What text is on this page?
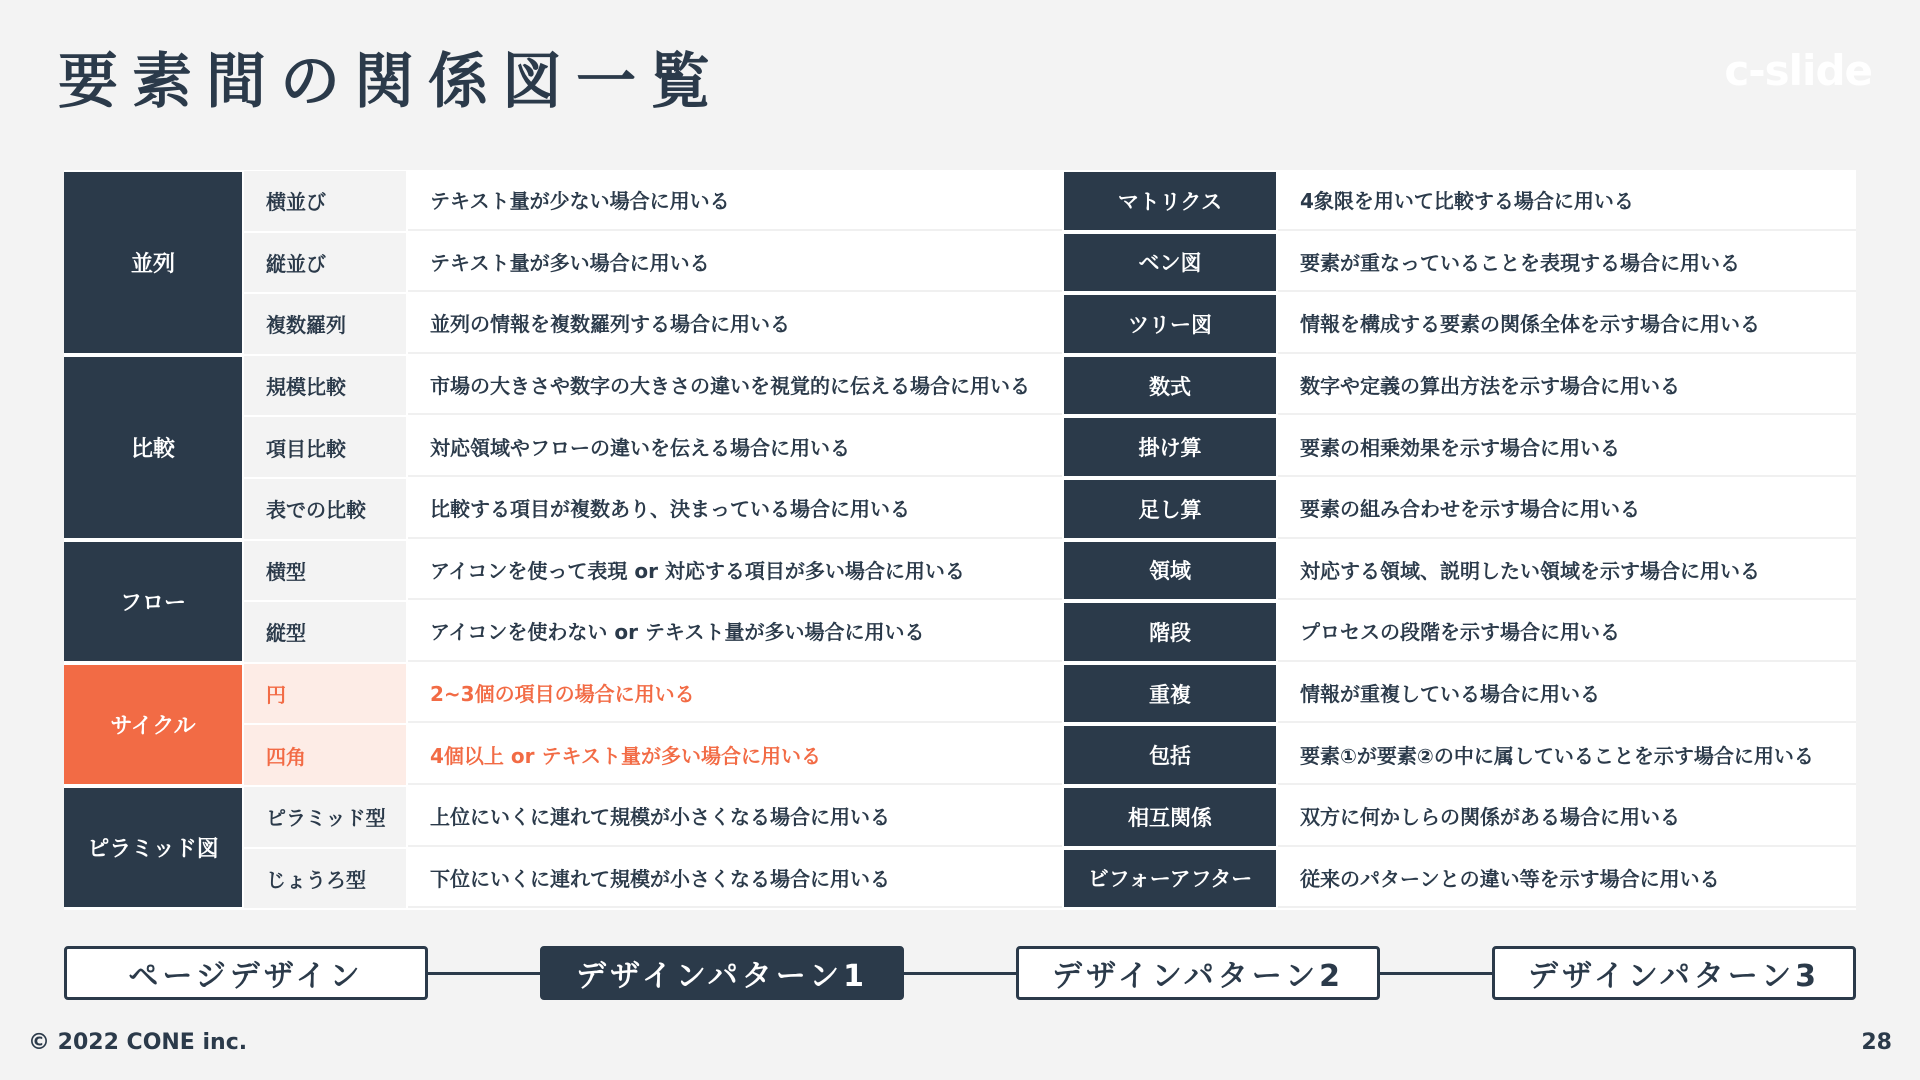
要素間の関係図一覧	c-slide
並列
横並び	テキスト量が少ない場合に用いる
縦並び	テキスト量が多い場合に用いる
複数羅列	並列の情報を複数羅列する場合に用いる
比較
規模比較	市場の大きさや数字の大きさの違いを視覚的に伝える場合に用いる
項目比較	対応領域やフローの違いを伝える場合に用いる
表での比較	比較する項目が複数あり、決まっている場合に用いる
フロー
横型	アイコンを使って表現 or 対応する項目が多い場合に用いる
縦型	アイコンを使わない or テキスト量が多い場合に用いる
サイクル
円	2~3個の項目の場合に用いる
四角	4個以上 or テキスト量が多い場合に用いる
ピラミッド図
ピラミッド型	上位にいくに連れて規模が小さくなる場合に用いる
じょうろ型	下位にいくに連れて規模が小さくなる場合に用いる
マトリクス	4象限を用いて比較する場合に用いる
ベン図	要素が重なっていることを表現する場合に用いる
ツリー図	情報を構成する要素の関係全体を示す場合に用いる
数式	数字や定義の算出方法を示す場合に用いる
掛け算	要素の相乗効果を示す場合に用いる
足し算	要素の組み合わせを示す場合に用いる
領域	対応する領域、説明したい領域を示す場合に用いる
階段	プロセスの段階を示す場合に用いる
重複	情報が重複している場合に用いる
包括	要素①が要素②の中に属していることを示す場合に用いる
相互関係	双方に何かしらの関係がある場合に用いる
ビフォーアフター	従来のパターンとの違い等を示す場合に用いる
ページデザイン	デザインパターン1	デザインパターン2	デザインパターン3
© 2022 CONE inc.	28
